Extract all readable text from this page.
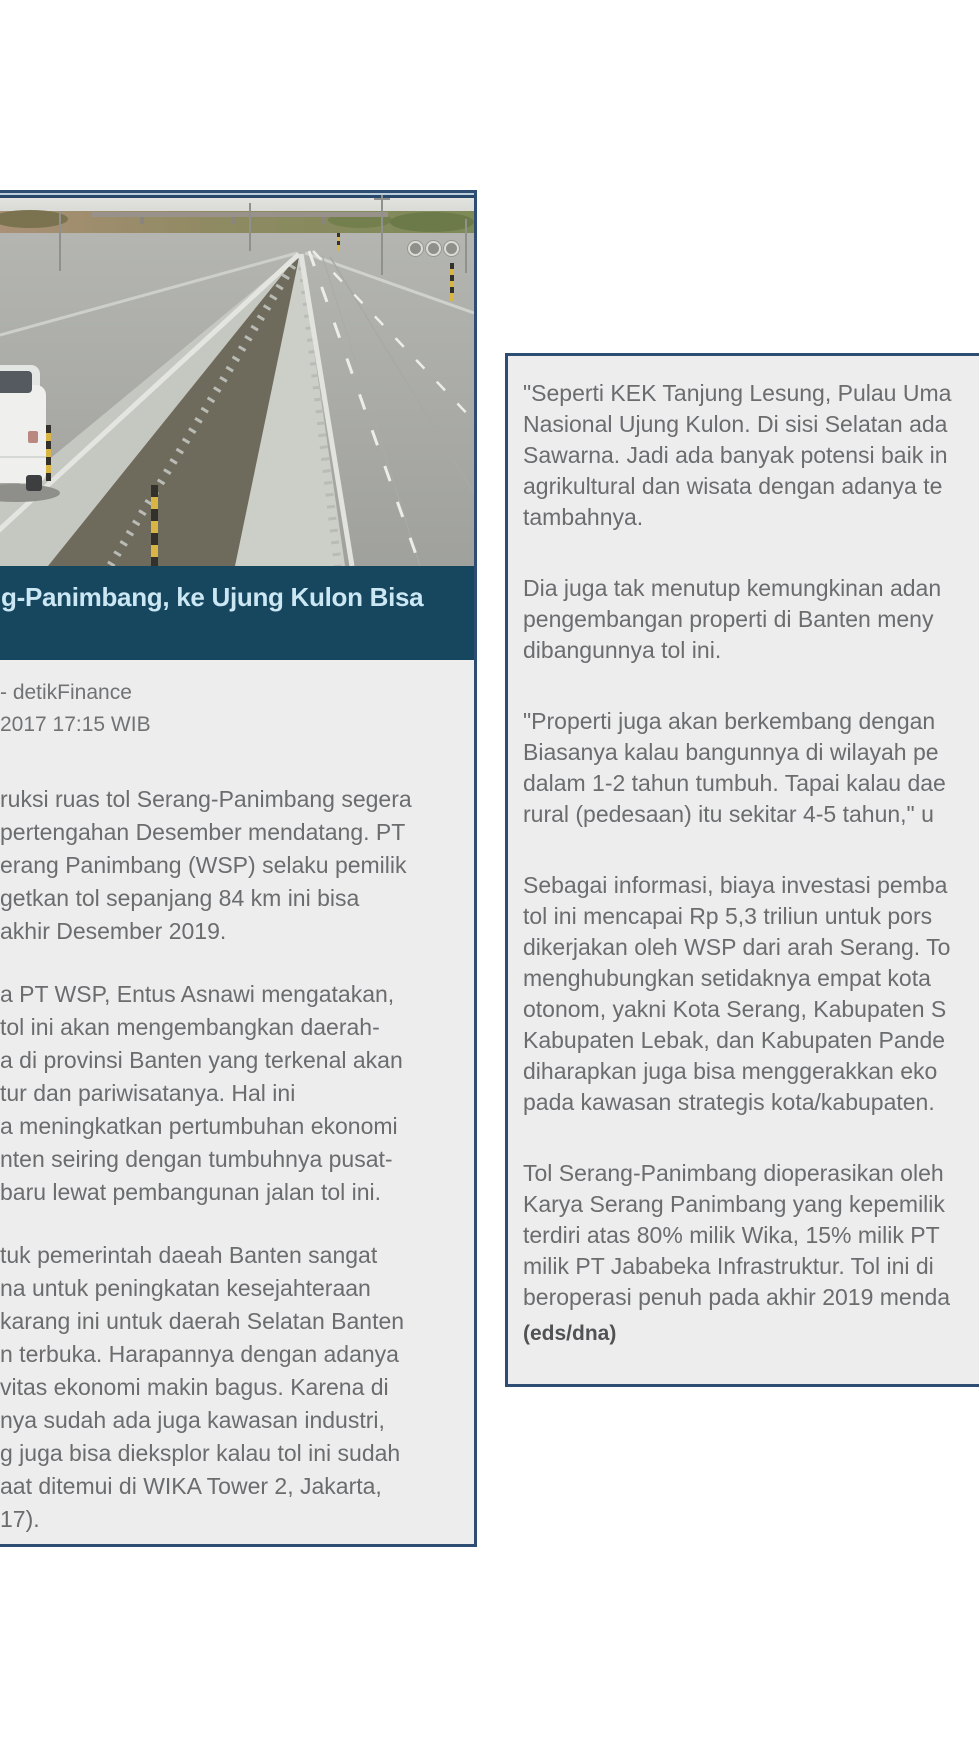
g-Panimbang, ke Ujung Kulon Bisa
- detikFinance
2017 17:15 WIB
ruksi ruas tol Serang-Panimbang segera
pertengahan Desember mendatang. PT
erang Panimbang (WSP) selaku pemilik
getkan tol sepanjang 84 km ini bisa
akhir Desember 2019.
a PT WSP, Entus Asnawi mengatakan,
tol ini akan mengembangkan daerah-
a di provinsi Banten yang terkenal akan
tur dan pariwisatanya. Hal ini
a meningkatkan pertumbuhan ekonomi
nten seiring dengan tumbuhnya pusat-
baru lewat pembangunan jalan tol ini.
tuk pemerintah daeah Banten sangat
na untuk peningkatan kesejahteraan
karang ini untuk daerah Selatan Banten
n terbuka. Harapannya dengan adanya
vitas ekonomi makin bagus. Karena di
nya sudah ada juga kawasan industri,
g juga bisa dieksplor kalau tol ini sudah
aat ditemui di WIKA Tower 2, Jakarta,
17).
"Seperti KEK Tanjung Lesung, Pulau Uma
Nasional Ujung Kulon. Di sisi Selatan ada
Sawarna. Jadi ada banyak potensi baik in
agrikultural dan wisata dengan adanya te
tambahnya.
Dia juga tak menutup kemungkinan adan
pengembangan properti di Banten meny
dibangunnya tol ini.
"Properti juga akan berkembang dengan
Biasanya kalau bangunnya di wilayah pe
dalam 1-2 tahun tumbuh. Tapai kalau dae
rural (pedesaan) itu sekitar 4-5 tahun," u
Sebagai informasi, biaya investasi pemba
tol ini mencapai Rp 5,3 triliun untuk pors
dikerjakan oleh WSP dari arah Serang. To
menghubungkan setidaknya empat kota
otonom, yakni Kota Serang, Kabupaten S
Kabupaten Lebak, dan Kabupaten Pande
diharapkan juga bisa menggerakkan eko
pada kawasan strategis kota/kabupaten.
Tol Serang-Panimbang dioperasikan oleh
Karya Serang Panimbang yang kepemilik
terdiri atas 80% milik Wika, 15% milik PT
milik PT Jababeka Infrastruktur. Tol ini di
beroperasi penuh pada akhir 2019 menda
(eds/dna)
